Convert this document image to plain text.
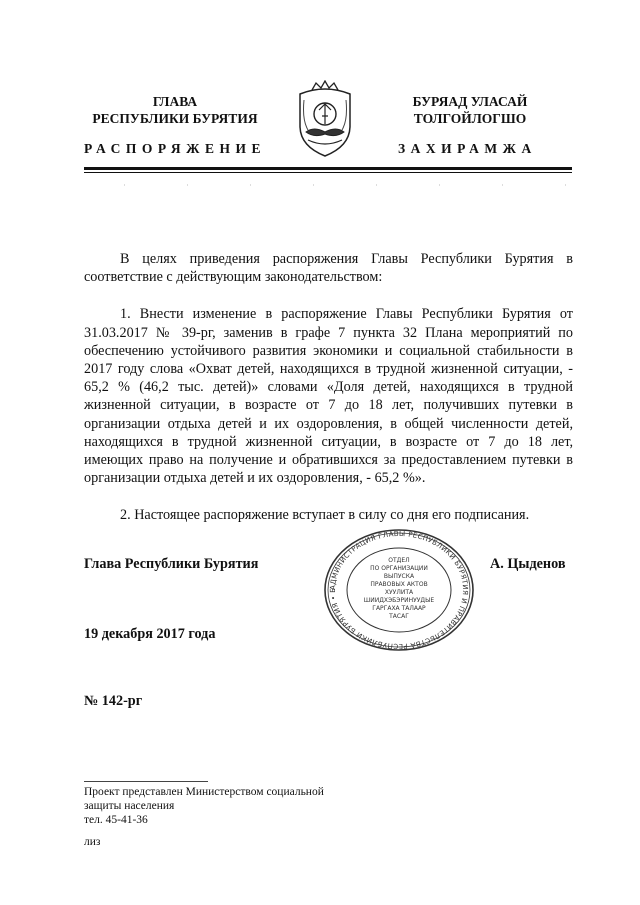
ГЛАВА
РЕСПУБЛИКИ БУРЯТИЯ
БУРЯАД УЛАСАЙ
ТОЛГОЙЛОГШО
РАСПОРЯЖЕНИЕ	ЗАХИРАМЖА

В целях приведения распоряжения Главы Республики Бурятия в соответствие с действующим законодательством:

1. Внести изменение в распоряжение Главы Республики Бурятия от 31.03.2017 № 39-рг, заменив в графе 7 пункта 32 Плана мероприятий по обеспечению устойчивого развития экономики и социальной стабильности в 2017 году слова «Охват детей, находящихся в трудной жизненной ситуации, - 65,2 % (46,2 тыс. детей)» словами «Доля детей, находящихся в трудной жизненной ситуации, в возрасте от 7 до 18 лет, получивших путевки в организации отдыха детей и их оздоровления, в общей численности детей, находящихся в трудной жизненной ситуации, в возрасте от 7 до 18 лет, имеющих право на получение и обратившихся за предоставлением путевки в организации отдыха детей и их оздоровления, - 65,2 %».

2. Настоящее распоряжение вступает в силу со дня его подписания.

Глава Республики Бурятия	А. Цыденов
АДМИНИСТРАЦИЯ ГЛАВЫ РЕСПУБЛИКИ БУРЯТИЯ И ПРАВИТЕЛЬСТВА РЕСПУБЛИКИ БУРЯТИЯ • Б
ОТДЕЛ
ПО ОРГАНИЗАЦИИ
ВЫПУСКА
ПРАВОВЫХ АКТОВ
ХУУЛИТА
ШИИДХЭБЭРИНУУДЫЕ
ГАРГАХА ТАЛААР
ТАСАГ
19 декабря 2017 года
№ 142-рг
Проект представлен Министерством социальной
защиты населения
тел. 45-41-36
лиз
